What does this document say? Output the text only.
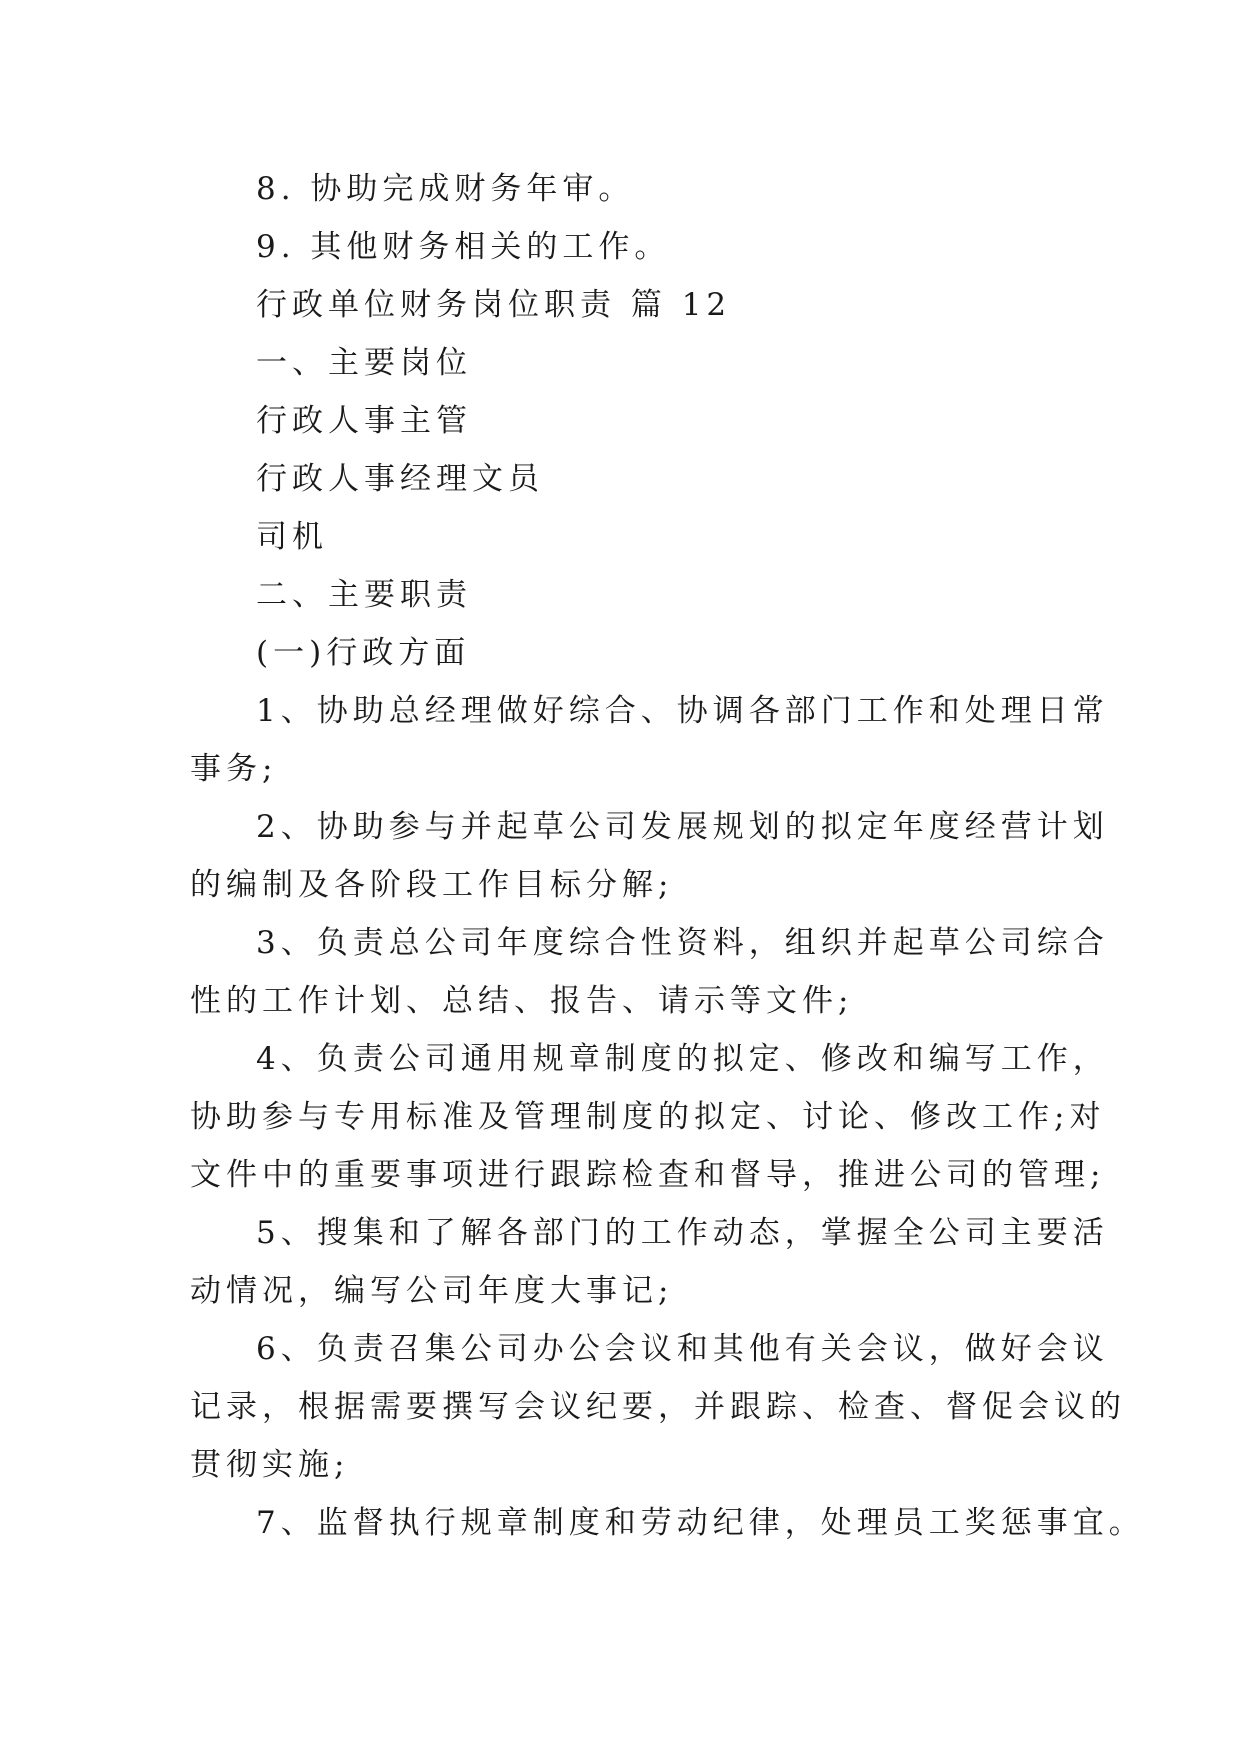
8. 协助完成财务年审。
9. 其他财务相关的工作。
行政单位财务岗位职责 篇 12
一、主要岗位
行政人事主管
行政人事经理文员
司机
二、主要职责
(一)行政方面
1、协助总经理做好综合、协调各部门工作和处理日常
事务;
2、协助参与并起草公司发展规划的拟定年度经营计划
的编制及各阶段工作目标分解;
3、负责总公司年度综合性资料，组织并起草公司综合
性的工作计划、总结、报告、请示等文件;
4、负责公司通用规章制度的拟定、修改和编写工作，
协助参与专用标准及管理制度的拟定、讨论、修改工作;对
文件中的重要事项进行跟踪检查和督导，推进公司的管理;
5、搜集和了解各部门的工作动态，掌握全公司主要活
动情况，编写公司年度大事记;
6、负责召集公司办公会议和其他有关会议，做好会议
记录，根据需要撰写会议纪要，并跟踪、检查、督促会议的
贯彻实施;
7、监督执行规章制度和劳动纪律，处理员工奖惩事宜。
